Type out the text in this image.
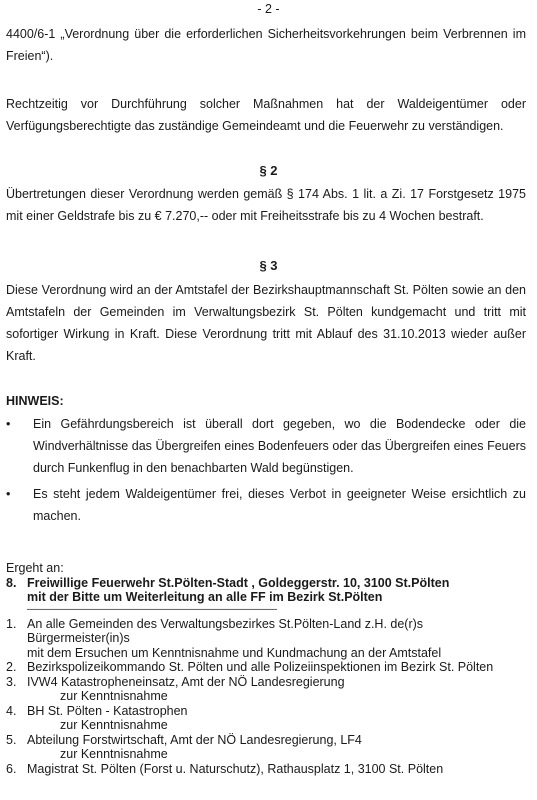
- 2 -
4400/6-1 „Verordnung über die erforderlichen Sicherheitsvorkehrungen beim Verbrennen im Freien“).
Rechtzeitig vor Durchführung solcher Maßnahmen hat der Waldeigentümer oder Verfügungsberechtigte das zuständige Gemeindeamt und die Feuerwehr zu verständigen.
§ 2
Übertretungen dieser Verordnung werden gemäß § 174 Abs. 1 lit. a Zi. 17 Forstgesetz 1975 mit einer Geldstrafe bis zu € 7.270,-- oder mit Freiheitsstrafe bis zu 4 Wochen bestraft.
§ 3
Diese Verordnung wird an der Amtstafel der Bezirkshauptmannschaft St. Pölten sowie an den Amtstafeln der Gemeinden im Verwaltungsbezirk St. Pölten kundgemacht und tritt mit sofortiger Wirkung in Kraft. Diese Verordnung tritt mit Ablauf des 31.10.2013 wieder außer Kraft.
HINWEIS:
•	Ein Gefährdungsbereich ist überall dort gegeben, wo die Bodendecke oder die Windverhältnisse das Übergreifen eines Bodenfeuers oder das Übergreifen eines Feuers durch Funkenflug in den benachbarten Wald begünstigen.
•	Es steht jedem Waldeigentümer frei, dieses Verbot in geeigneter Weise ersichtlich zu machen.
Ergeht an:
8. Freiwillige Feuerwehr St.Pölten-Stadt , Goldeggerstr. 10, 3100 St.Pölten
mit der Bitte um Weiterleitung an alle FF im Bezirk St.Pölten
—————————————————————————
1. An alle Gemeinden des Verwaltungsbezirkes St.Pölten-Land z.H. de(r)s
Bürgermeister(in)s
mit dem Ersuchen um Kenntnisnahme und Kundmachung an der Amtstafel
2. Bezirkspolizeikommando St. Pölten und alle Polizeiinspektionen im Bezirk St. Pölten
3. IVW4 Katastropheneinsatz, Amt der NÖ Landesregierung
zur Kenntnisnahme
4. BH St. Pölten - Katastrophen
zur Kenntnisnahme
5. Abteilung Forstwirtschaft, Amt der NÖ Landesregierung, LF4
zur Kenntnisnahme
6. Magistrat St. Pölten (Forst u. Naturschutz), Rathausplatz 1, 3100 St. Pölten
